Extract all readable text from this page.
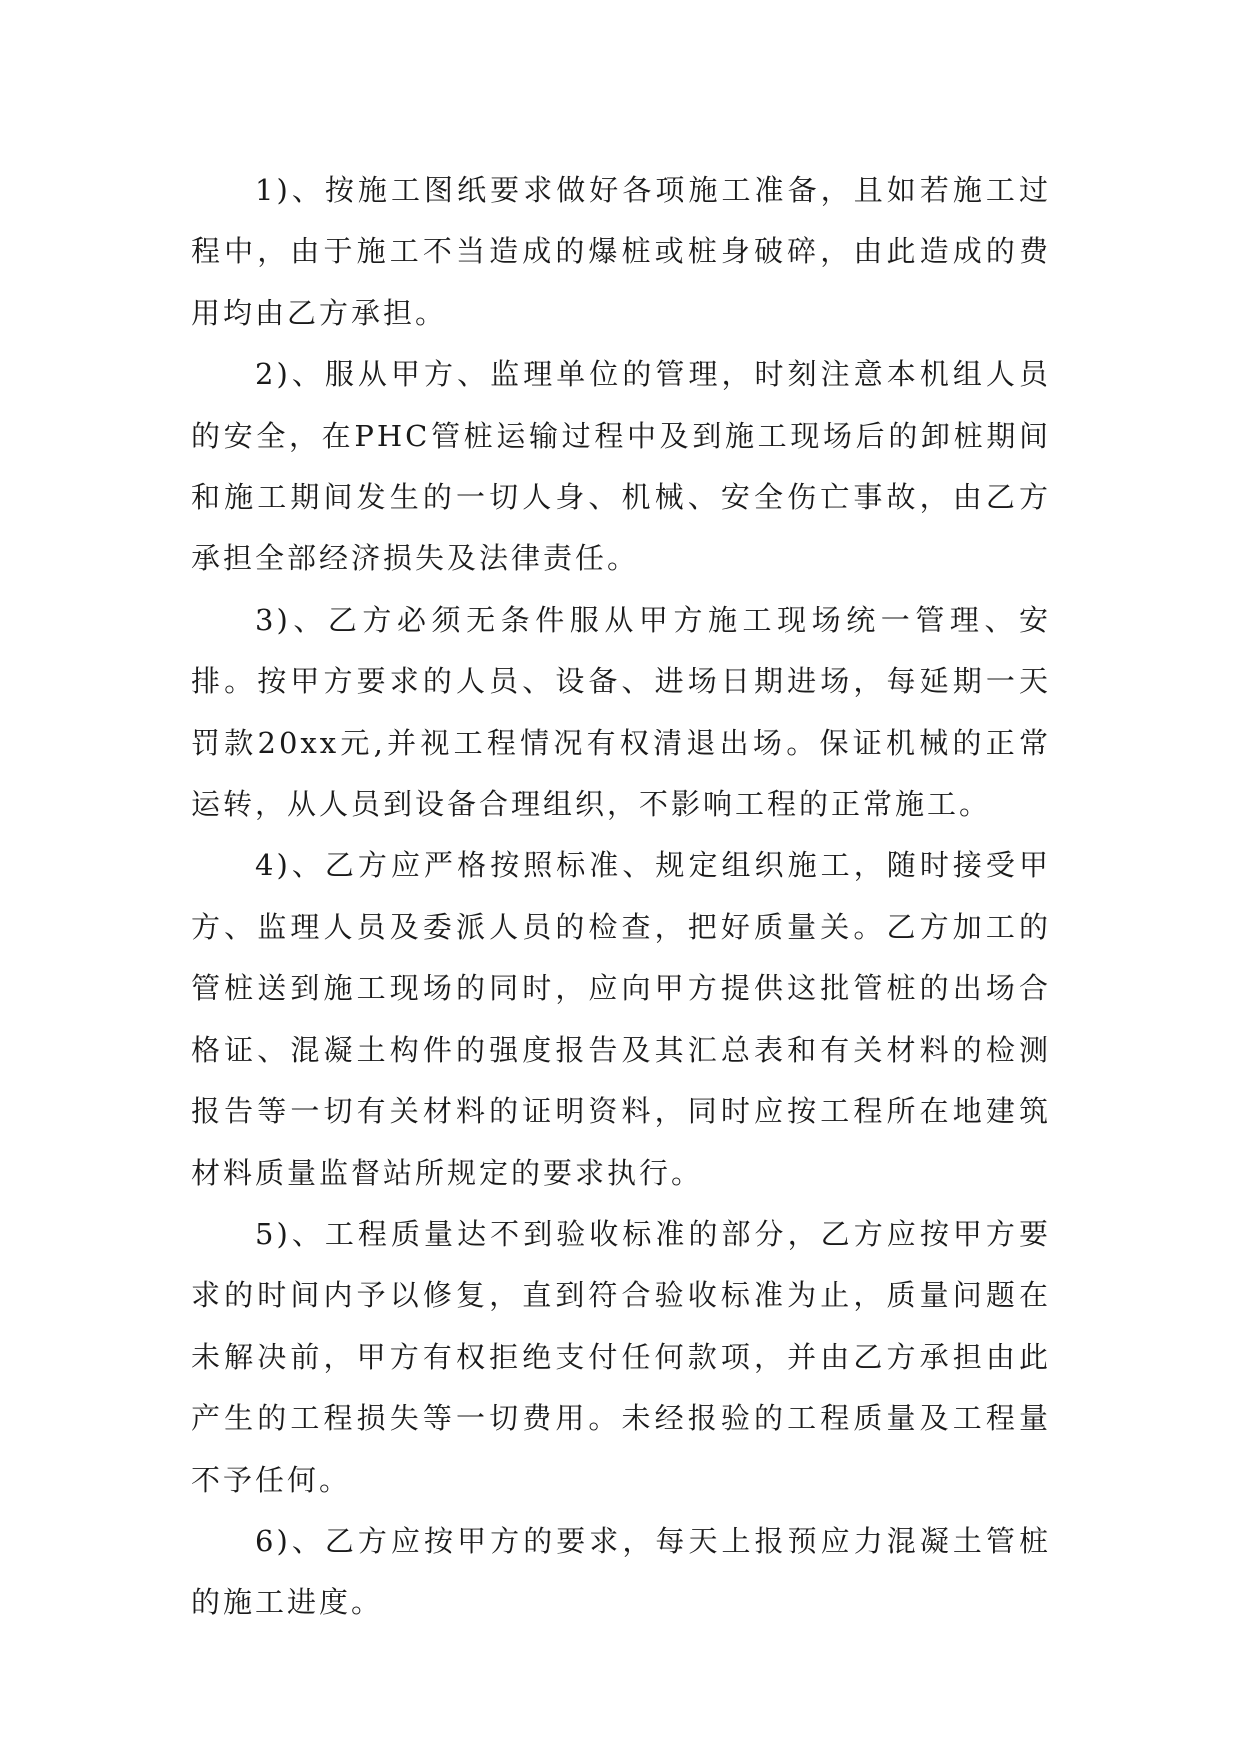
1)、按施工图纸要求做好各项施工准备，且如若施工过程中，由于施工不当造成的爆桩或桩身破碎，由此造成的费用均由乙方承担。

2)、服从甲方、监理单位的管理，时刻注意本机组人员的安全，在PHC管桩运输过程中及到施工现场后的卸桩期间和施工期间发生的一切人身、机械、安全伤亡事故，由乙方承担全部经济损失及法律责任。

3)、乙方必须无条件服从甲方施工现场统一管理、安排。按甲方要求的人员、设备、进场日期进场，每延期一天罚款20xx元,并视工程情况有权清退出场。保证机械的正常运转，从人员到设备合理组织，不影响工程的正常施工。

4)、乙方应严格按照标准、规定组织施工，随时接受甲方、监理人员及委派人员的检查，把好质量关。乙方加工的管桩送到施工现场的同时，应向甲方提供这批管桩的出场合格证、混凝土构件的强度报告及其汇总表和有关材料的检测报告等一切有关材料的证明资料，同时应按工程所在地建筑材料质量监督站所规定的要求执行。

5)、工程质量达不到验收标准的部分，乙方应按甲方要求的时间内予以修复，直到符合验收标准为止，质量问题在未解决前，甲方有权拒绝支付任何款项，并由乙方承担由此产生的工程损失等一切费用。未经报验的工程质量及工程量不予任何。

6)、乙方应按甲方的要求，每天上报预应力混凝土管桩的施工进度。
